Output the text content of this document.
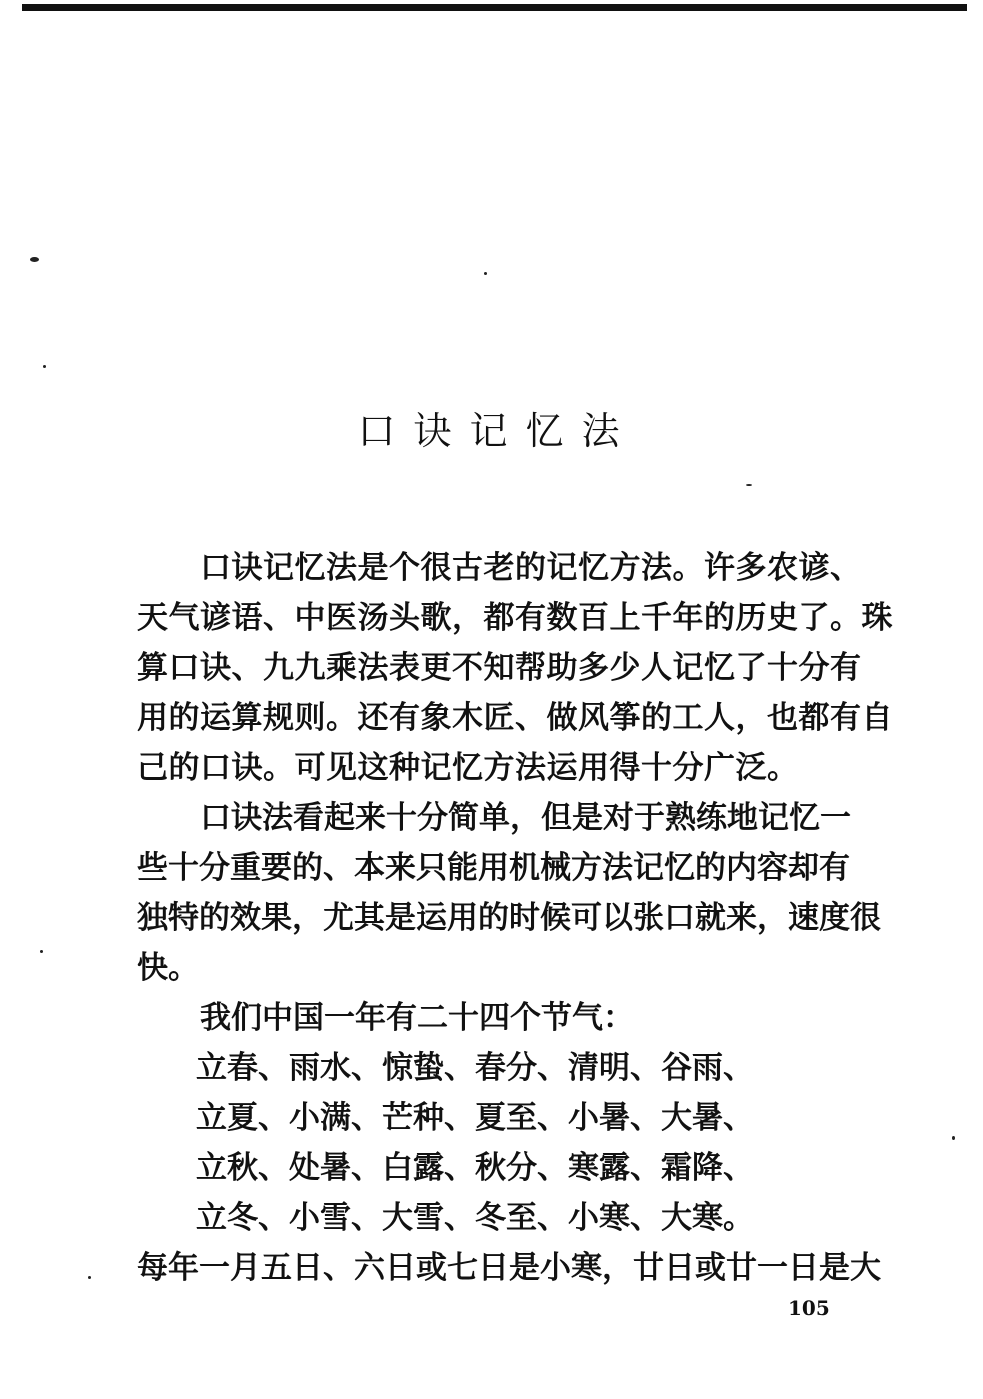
口诀记忆法
口诀记忆法是个很古老的记忆方法。许多农谚、
天气谚语、中医汤头歌，都有数百上千年的历史了。珠
算口诀、九九乘法表更不知帮助多少人记忆了十分有
用的运算规则。还有象木匠、做风筝的工人，也都有自
己的口诀。可见这种记忆方法运用得十分广泛。
口诀法看起来十分简单，但是对于熟练地记忆一
些十分重要的、本来只能用机械方法记忆的内容却有
独特的效果，尤其是运用的时候可以张口就来，速度很
快。
我们中国一年有二十四个节气：
立春、雨水、惊蛰、春分、清明、谷雨、
立夏、小满、芒种、夏至、小暑、大暑、
立秋、处暑、白露、秋分、寒露、霜降、
立冬、小雪、大雪、冬至、小寒、大寒。
每年一月五日、六日或七日是小寒，廿日或廿一日是大
105
